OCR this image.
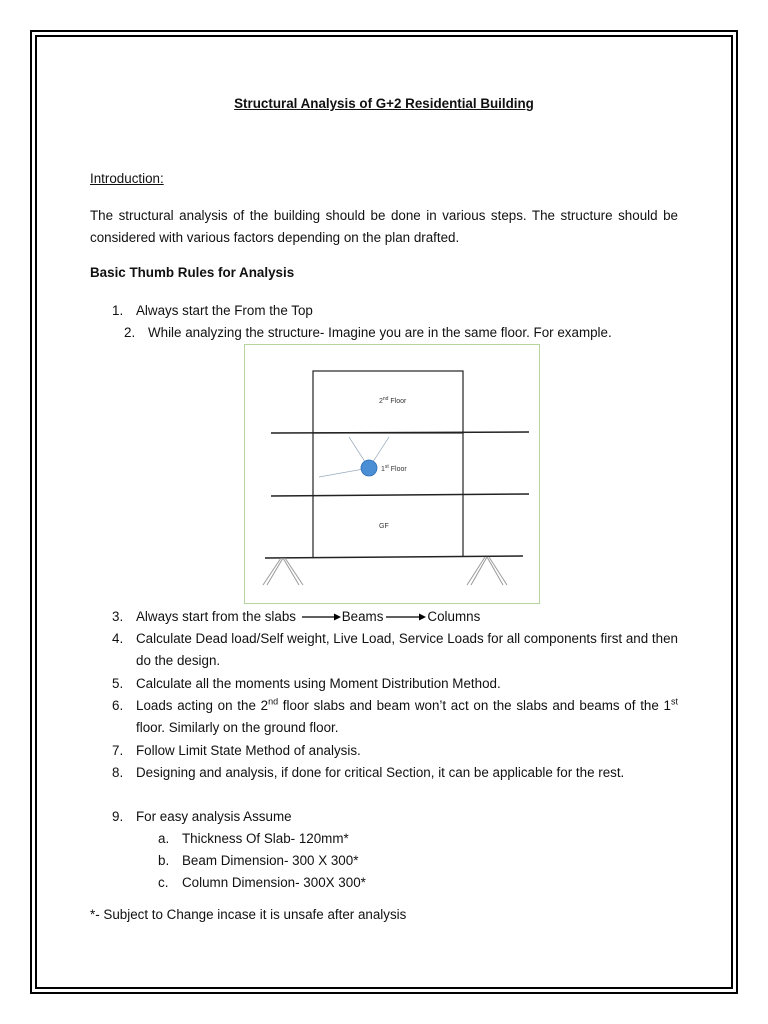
Structural Analysis of G+2 Residential Building
Introduction:
The structural analysis of the building should be done in various steps. The structure should be considered with various factors depending on the plan drafted.
Basic Thumb Rules for Analysis
1. Always start the From the Top
2. While analyzing the structure- Imagine you are in the same floor. For example.
2nd Floor
1st Floor
GF
3. Always start from the slabs	Beams	Columns
4. Calculate Dead load/Self weight, Live Load, Service Loads for all components first and then do the design.
5. Calculate all the moments using Moment Distribution Method.
6. Loads acting on the 2nd floor slabs and beam won’t act on the slabs and beams of the 1st floor. Similarly on the ground floor.
7. Follow Limit State Method of analysis.
8. Designing and analysis, if done for critical Section, it can be applicable for the rest.
9. For easy analysis Assume
a. Thickness Of Slab- 120mm*
b. Beam Dimension- 300 X 300*
c. Column Dimension- 300X 300*
*- Subject to Change incase it is unsafe after analysis
